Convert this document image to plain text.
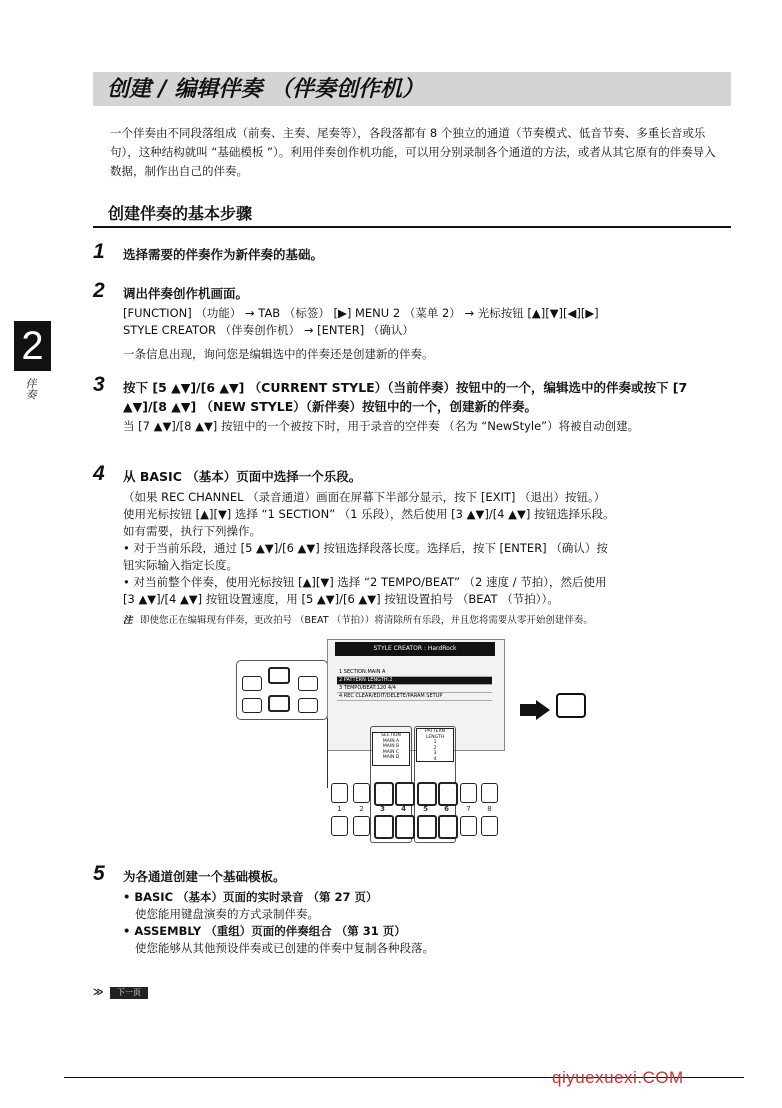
2
伴奏
创建 / 编辑伴奏 （伴奏创作机）
一个伴奏由不同段落组成（前奏、主奏、尾奏等），各段落都有 8 个独立的通道（节奏模式、低音节奏、多重长音或乐句），这种结构就叫 “基础模板 ”）。利用伴奏创作机功能，可以用分别录制各个通道的方法，或者从其它原有的伴奏导入数据，制作出自己的伴奏。
创建伴奏的基本步骤
1 选择需要的伴奏作为新伴奏的基础。
2 调出伴奏创作机画面。
[FUNCTION] （功能） → TAB （标签） [▶] MENU 2 （菜单 2） → 光标按钮 [▲][▼][◀][▶]
STYLE CREATOR （伴奏创作机） → [ENTER] （确认）
一条信息出现，询问您是编辑选中的伴奏还是创建新的伴奏。
3 按下 [5 ▲▼]/[6 ▲▼] （CURRENT STYLE）（当前伴奏）按钮中的一个，编辑选中的伴奏或按下 [7 ▲▼]/[8 ▲▼] （NEW STYLE）（新伴奏）按钮中的一个，创建新的伴奏。
当 [7 ▲▼]/[8 ▲▼] 按钮中的一个被按下时，用于录音的空伴奏 （名为 “NewStyle”）将被自动创建。
4 从 BASIC （基本）页面中选择一个乐段。
（如果 REC CHANNEL （录音通道）画面在屏幕下半部分显示，按下 [EXIT] （退出）按钮。）
使用光标按钮 [▲][▼] 选择 “1 SECTION” （1 乐段），然后使用 [3 ▲▼]/[4 ▲▼] 按钮选择乐段。
如有需要，执行下列操作。
• 对于当前乐段，通过 [5 ▲▼]/[6 ▲▼] 按钮选择段落长度。选择后，按下 [ENTER] （确认）按
钮实际输入指定长度。
• 对当前整个伴奏，使用光标按钮 [▲][▼] 选择 “2 TEMPO/BEAT” （2 速度 / 节拍），然后使用
[3 ▲▼]/[4 ▲▼] 按钮设置速度，用 [5 ▲▼]/[6 ▲▼] 按钮设置拍号 （BEAT （节拍））。
注 即使您正在编辑现有伴奏，更改拍号 （BEAT （节拍））将清除所有乐段，并且您将需要从零开始创建伴奏。
STYLE CREATOR : HardRock
1 SECTION:MAIN A
2 PATTERN LENGTH:2
3 TEMPO/BEAT:120 4/4
4 REC CLEAR/EDIT/DELETE/PARAM SETUP
SECTION
MAIN A
MAIN B
MAIN C
MAIN D
PATTERN
LENGTH
1
2
3
4
1	2	3	4	5	6	7	8
5 为各通道创建一个基础模板。
• BASIC （基本）页面的实时录音 （第 27 页）
使您能用键盘演奏的方式录制伴奏。
• ASSEMBLY （重组）页面的伴奏组合 （第 31 页）
使您能够从其他预设伴奏或已创建的伴奏中复制各种段落。
≫	下一页
qiyuexuexi.COM
